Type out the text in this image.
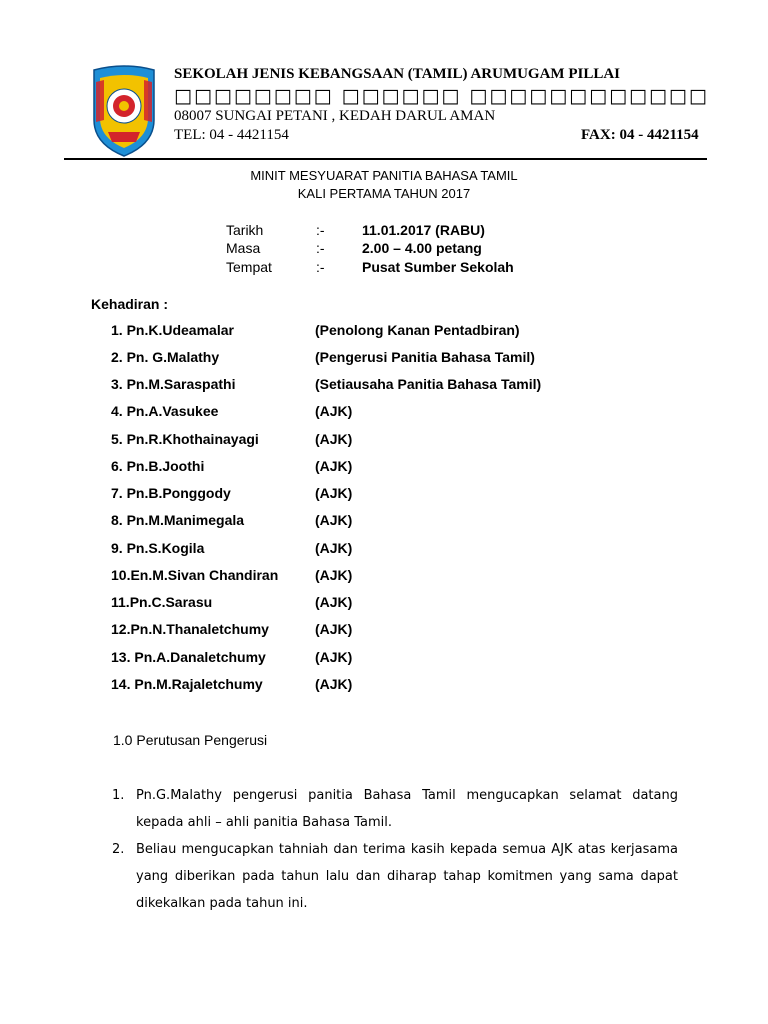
SEKOLAH JENIS KEBANGSAAN (TAMIL) ARUMUGAM PILLAI
□□□□□□□□ □□□□□□ □□□□□□□□□□□□
08007 SUNGAI PETANI , KEDAH DARUL AMAN
TEL: 04 - 4421154	FAX: 04 - 4421154
MINIT MESYUARAT PANITIA BAHASA TAMIL
KALI PERTAMA TAHUN 2017
Tarikh	:-	11.01.2017 (RABU)
Masa	:-	2.00 – 4.00 petang
Tempat	:-	Pusat Sumber Sekolah
Kehadiran :
1. Pn.K.Udeamalar	(Penolong Kanan Pentadbiran)
2. Pn. G.Malathy	(Pengerusi Panitia Bahasa Tamil)
3. Pn.M.Saraspathi	(Setiausaha Panitia Bahasa Tamil)
4. Pn.A.Vasukee	(AJK)
5. Pn.R.Khothainayagi	(AJK)
6. Pn.B.Joothi	(AJK)
7. Pn.B.Ponggody	(AJK)
8. Pn.M.Manimegala	(AJK)
9. Pn.S.Kogila	(AJK)
10.En.M.Sivan Chandiran	(AJK)
11.Pn.C.Sarasu	(AJK)
12.Pn.N.Thanaletchumy	(AJK)
13. Pn.A.Danaletchumy	(AJK)
14. Pn.M.Rajaletchumy	(AJK)
1.0 Perutusan Pengerusi
1. Pn.G.Malathy pengerusi panitia Bahasa Tamil mengucapkan selamat datang kepada ahli – ahli panitia Bahasa Tamil.
2. Beliau mengucapkan tahniah dan terima kasih kepada semua AJK atas kerjasama yang diberikan pada tahun lalu dan diharap tahap komitmen yang sama dapat dikekalkan pada tahun ini.
